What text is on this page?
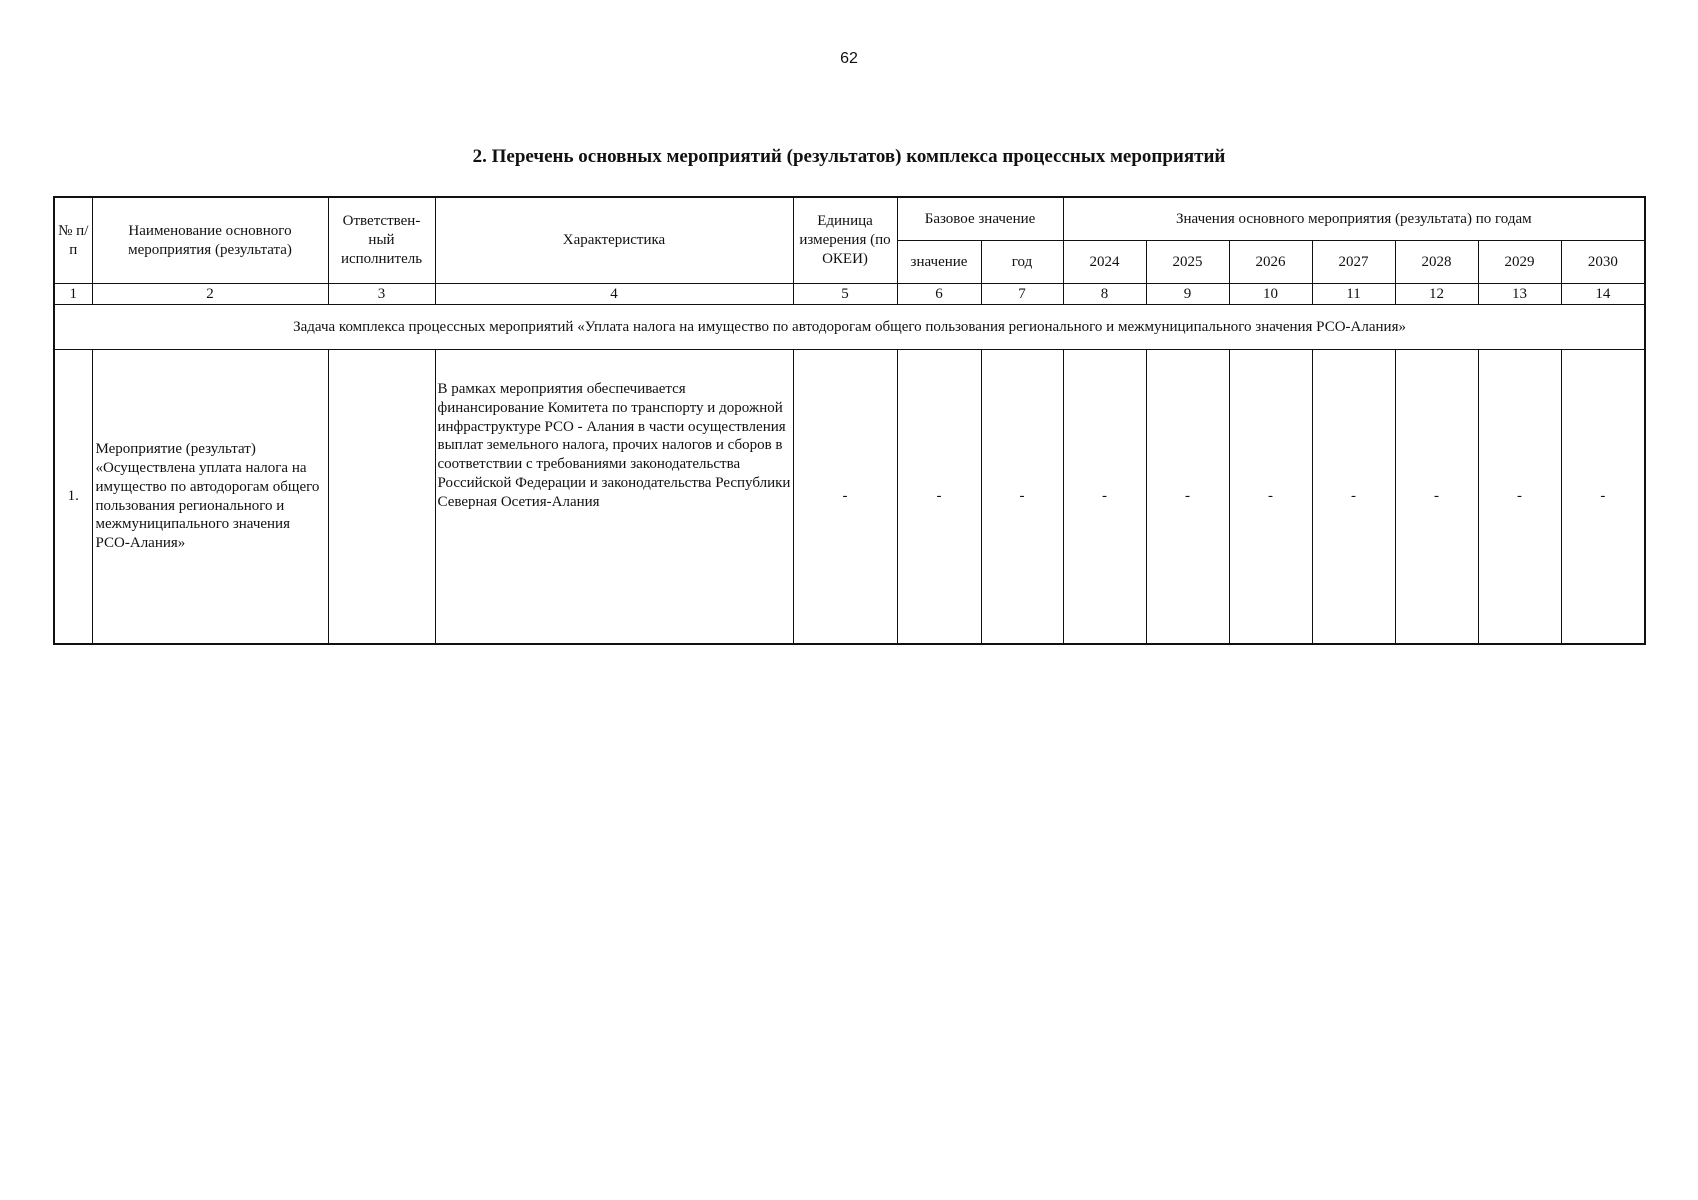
62
2. Перечень основных мероприятий (результатов) комплекса процессных мероприятий
№ п/п	Наименование основного мероприятия (результата)	Ответствен-ный исполнитель	Характеристика	Единица измерения (по ОКЕИ)	Базовое значение		Значения основного мероприятия (результата) по годам						
					значение	год	2024	2025	2026	2027	2028	2029	2030
1	2	3	4	5	6	7	8	9	10	11	12	13	14
Задача комплекса процессных мероприятий «Уплата налога на имущество по автодорогам общего пользования регионального и межмуниципального значения РСО-Алания»													
1.	Мероприятие (результат) «Осуществлена уплата налога на имущество по автодорогам общего пользования регионального и межмуниципального значения РСО-Алания»		В рамках мероприятия обеспечивается финансирование Комитета по транспорту и дорожной инфраструктуре РСО - Алания в части осуществления выплат земельного налога, прочих налогов и сборов в соответствии с требованиями законодательства Российской Федерации и законодательства Республики Северная Осетия-Алания	-	-	-	-	-	-	-	-	-	-
